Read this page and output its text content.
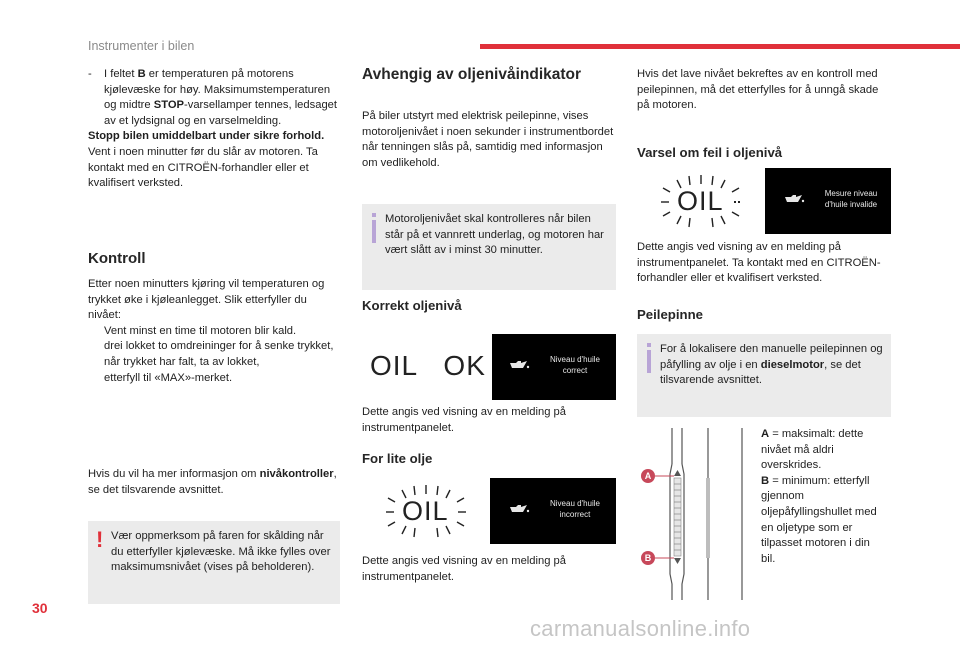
Instrumenter i bilen
-	I feltet B er temperaturen på motorens kjølevæske for høy. Maksimumstemperaturen og midtre STOP-varsellamper tennes, ledsaget av et lydsignal og en varselmelding.

Stopp bilen umiddelbart under sikre forhold.

Vent i noen minutter før du slår av motoren. Ta kontakt med en CITROËN-forhandler eller et kvalifisert verksted.

Kontroll

Etter noen minutters kjøring vil temperaturen og trykket øke i kjøleanlegget. Slik etterfyller du nivået:

Vent minst en time til motoren blir kald.

drei lokket to omdreininger for å senke trykket,

når trykket har falt, ta av lokket,

etterfyll til «MAX»-merket.

Hvis du vil ha mer informasjon om nivåkontroller, se det tilsvarende avsnittet.

! Vær oppmerksom på faren for skålding når du etterfyller kjølevæske. Må ikke fylles over maksimumsnivået (vises på beholderen).

Avhengig av oljenivåindikator

På biler utstyrt med elektrisk peilepinne, vises motoroljenivået i noen sekunder i instrumentbordet når tenningen slås på, samtidig med informasjon om vedlikehold.

Motoroljenivået skal kontrolleres når bilen står på et vannrett underlag, og motoren har vært slått av i minst 30 minutter.

Korrekt oljenivå
OIL   OK	Niveau d'huile
correct

Dette angis ved visning av en melding på instrumentpanelet.

For lite olje
OIL	Niveau d'huile
incorrect

Dette angis ved visning av en melding på instrumentpanelet.

Hvis det lave nivået bekreftes av en kontroll med peilepinnen, må det etterfylles for å unngå skade på motoren.

Varsel om feil i oljenivå
OIL	Mesure niveau
d'huile invalide

Dette angis ved visning av en melding på instrumentpanelet. Ta kontakt med en CITROËN-forhandler eller et kvalifisert verksted.

Peilepinne

For å lokalisere den manuelle peilepinnen og påfylling av olje i en dieselmotor, se det tilsvarende avsnittet.

A
B

A = maksimalt: dette nivået må aldri overskrides.

B = minimum: etterfyll gjennom oljepåfyllingshullet med en oljetype som er tilpasset motoren i din bil.

30
carmanualsonline.info
